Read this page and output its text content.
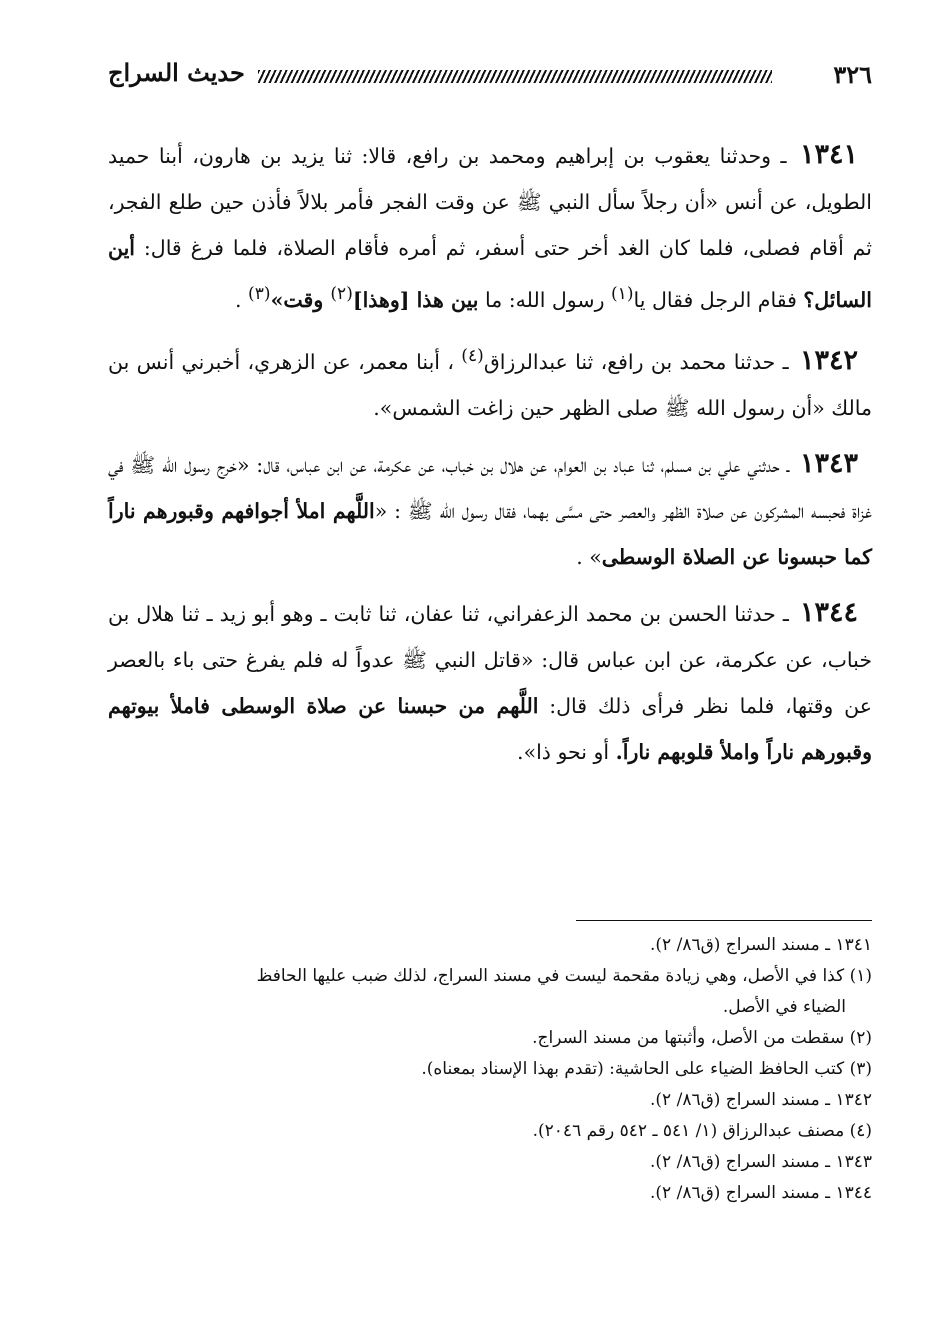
٣٢٦
حديث السراج

١٣٤١ ـ وحدثنا يعقوب بن إبراهيم ومحمد بن رافع، قالا: ثنا يزيد بن هارون، أبنا حميد الطويل، عن أنس «أن رجلاً سأل النبي ﷺ عن وقت الفجر فأمر بلالاً فأذن حين طلع الفجر، ثم أقام فصلى، فلما كان الغد أخر حتى أسفر، ثم أمره فأقام الصلاة، فلما فرغ قال: أين السائل؟ فقام الرجل فقال يا$^{(١)}$ رسول الله: ما بين هذا [وهذا]$^{(٢)}$ وقت»$^{(٣)}$ .

١٣٤٢ ـ حدثنا محمد بن رافع، ثنا عبدالرزاق$^{(٤)}$ ، أبنا معمر، عن الزهري، أخبرني أنس بن مالك «أن رسول الله ﷺ صلى الظهر حين زاغت الشمس».

١٣٤٣ ـ حدثني علي بن مسلم، ثنا عباد بن العوام، عن هلال بن خباب، عن عكرمة، عن ابن عباس، قال: «خرج رسول الله ﷺ في غزاة فحبسه المشركون عن صلاة الظهر والعصر حتى مسَّى بهما، فقال رسول الله ﷺ : «اللَّهم املأ أجوافهم وقبورهم ناراً كما حبسونا عن الصلاة الوسطى» .

١٣٤٤ ـ حدثنا الحسن بن محمد الزعفراني، ثنا عفان، ثنا ثابت ـ وهو أبو زيد ـ ثنا هلال بن خباب، عن عكرمة، عن ابن عباس قال: «قاتل النبي ﷺ عدواً له فلم يفرغ حتى باء بالعصر عن وقتها، فلما نظر فرأى ذلك قال: اللَّهم من حبسنا عن صلاة الوسطى فاملأ بيوتهم وقبورهم ناراً واملأ قلوبهم ناراً. أو نحو ذا».

١٣٤١ ـ مسند السراج (ق٨٦/ ٢).

(١) كذا في الأصل، وهي زيادة مقحمة ليست في مسند السراج، لذلك ضبب عليها الحافظ

الضياء في الأصل.

(٢) سقطت من الأصل، وأثبتها من مسند السراج.

(٣) كتب الحافظ الضياء على الحاشية: (تقدم بهذا الإسناد بمعناه).

١٣٤٢ ـ مسند السراج (ق٨٦/ ٢).

(٤) مصنف عبدالرزاق (١/ ٥٤١ ـ ٥٤٢ رقم ٢٠٤٦).

١٣٤٣ ـ مسند السراج (ق٨٦/ ٢).

١٣٤٤ ـ مسند السراج (ق٨٦/ ٢).
